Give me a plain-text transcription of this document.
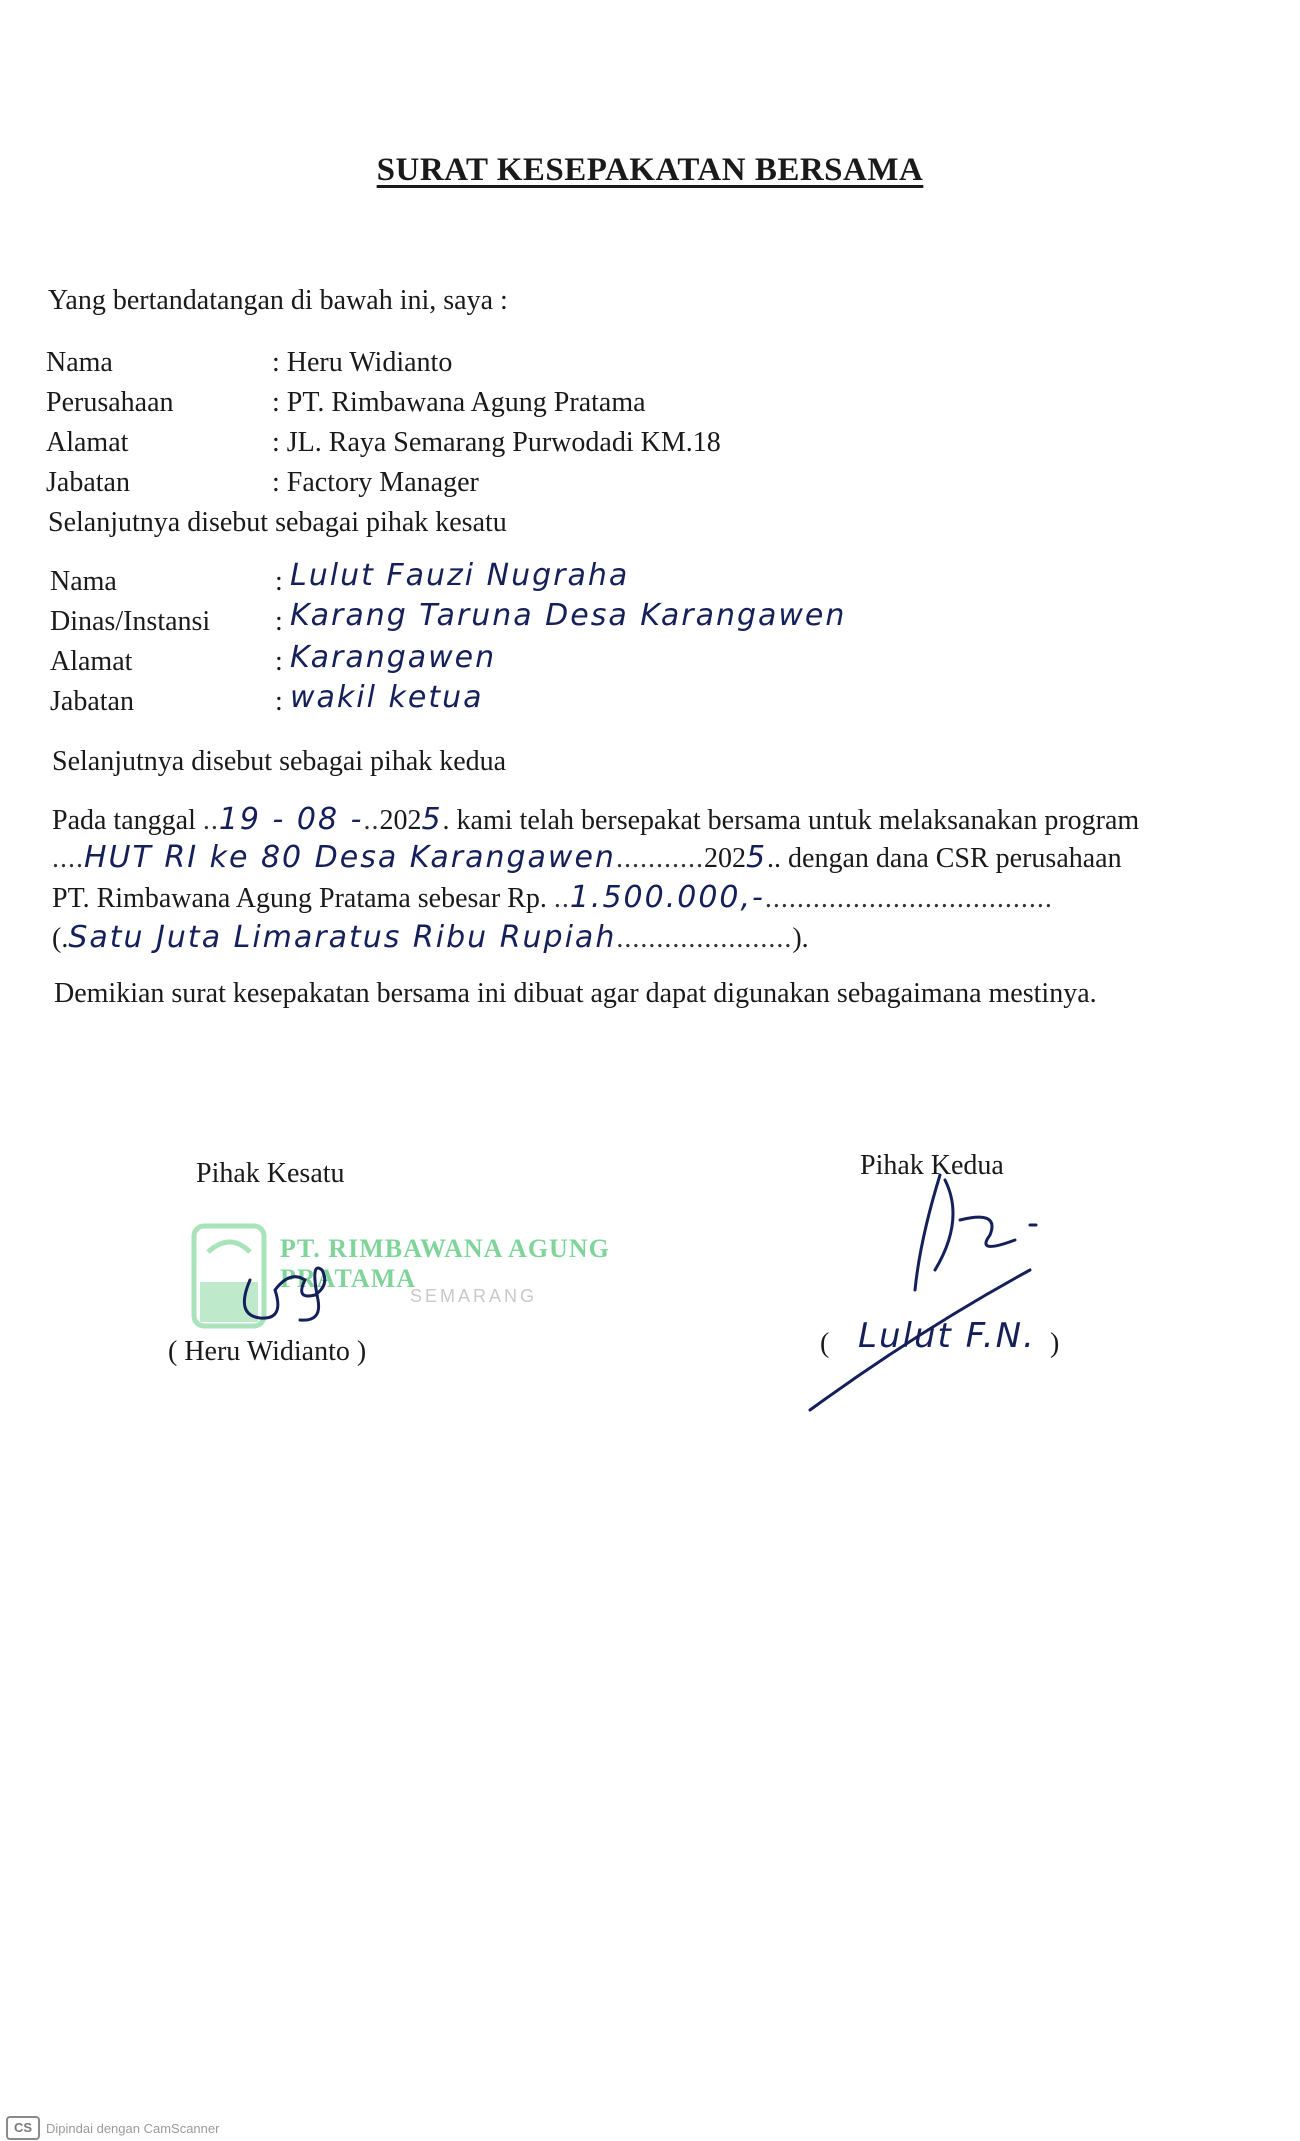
SURAT KESEPAKATAN BERSAMA
Yang bertandatangan di bawah ini, saya :
Nama	: Heru Widianto
Perusahaan	: PT. Rimbawana Agung Pratama
Alamat	: JL. Raya Semarang Purwodadi KM.18
Jabatan	: Factory Manager
Selanjutnya disebut sebagai pihak kesatu
Nama	: Lulut Fauzi Nugraha
Dinas/Instansi : Karang Taruna Desa Karangawen
Alamat	: Karangawen
Jabatan	: wakil ketua
Selanjutnya disebut sebagai pihak kedua
Pada tanggal ..19 - 08 -..2025. kami telah bersepakat bersama untuk melaksanakan program
....HUT RI ke 80 Desa Karangawen...........2025.. dengan dana CSR perusahaan
PT. Rimbawana Agung Pratama sebesar Rp. ..1.500.000,-....................................
(.Satu Juta Limaratus Ribu Rupiah......................).
Demikian surat kesepakatan bersama ini dibuat agar dapat digunakan sebagaimana mestinya.
Pihak Kesatu	Pihak Kedua
PT. RIMBAWANA AGUNG PRATAMA
SEMARANG
( Heru Widianto )	( Lulut F.N. )
CS	Dipindai dengan CamScanner
